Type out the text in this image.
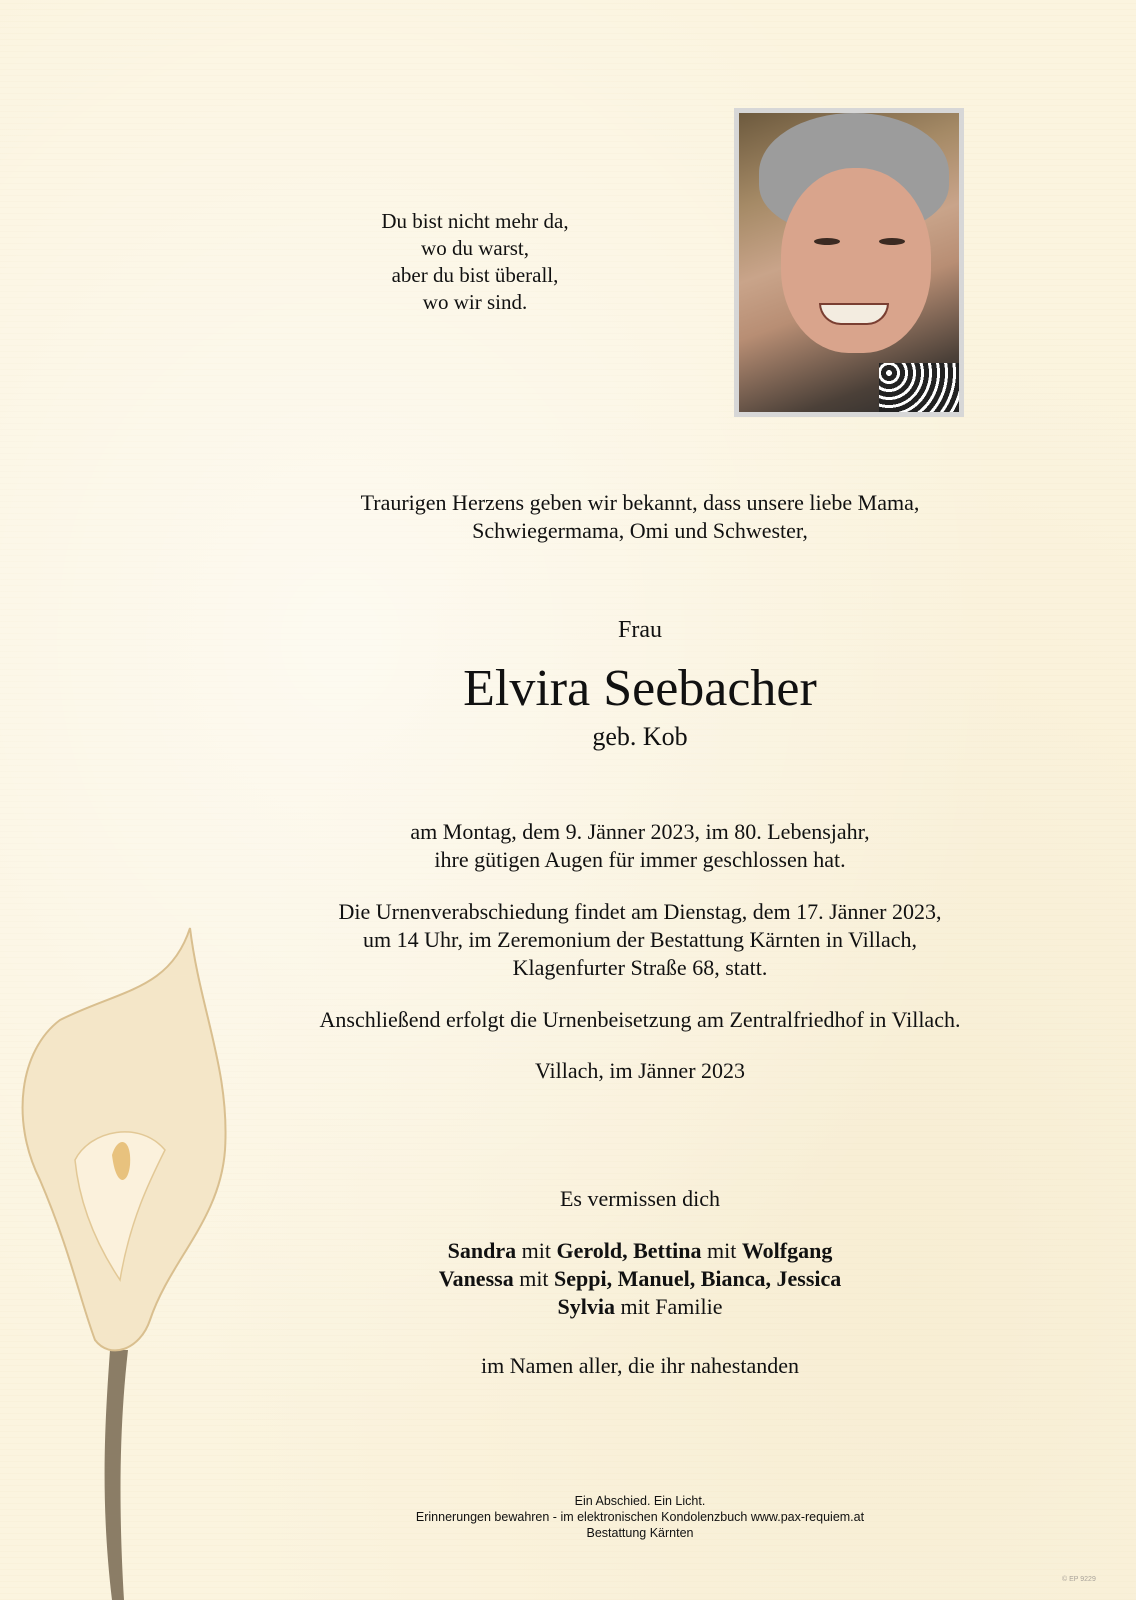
Du bist nicht mehr da,
wo du warst,
aber du bist überall,
wo wir sind.
Traurigen Herzens geben wir bekannt, dass unsere liebe Mama,
Schwiegermama, Omi und Schwester,
Frau
Elvira Seebacher
geb. Kob
am Montag, dem 9. Jänner 2023, im 80. Lebensjahr,
ihre gütigen Augen für immer geschlossen hat.
Die Urnenverabschiedung findet am Dienstag, dem 17. Jänner 2023,
um 14 Uhr, im Zeremonium der Bestattung Kärnten in Villach,
Klagenfurter Straße 68, statt.
Anschließend erfolgt die Urnenbeisetzung am Zentralfriedhof in Villach.
Villach, im Jänner 2023
Es vermissen dich
Sandra mit Gerold, Bettina mit Wolfgang
Vanessa mit Seppi, Manuel, Bianca, Jessica
Sylvia mit Familie
im Namen aller, die ihr nahestanden
Ein Abschied. Ein Licht.
Erinnerungen bewahren - im elektronischen Kondolenzbuch www.pax-requiem.at
Bestattung Kärnten
© EP 9229
